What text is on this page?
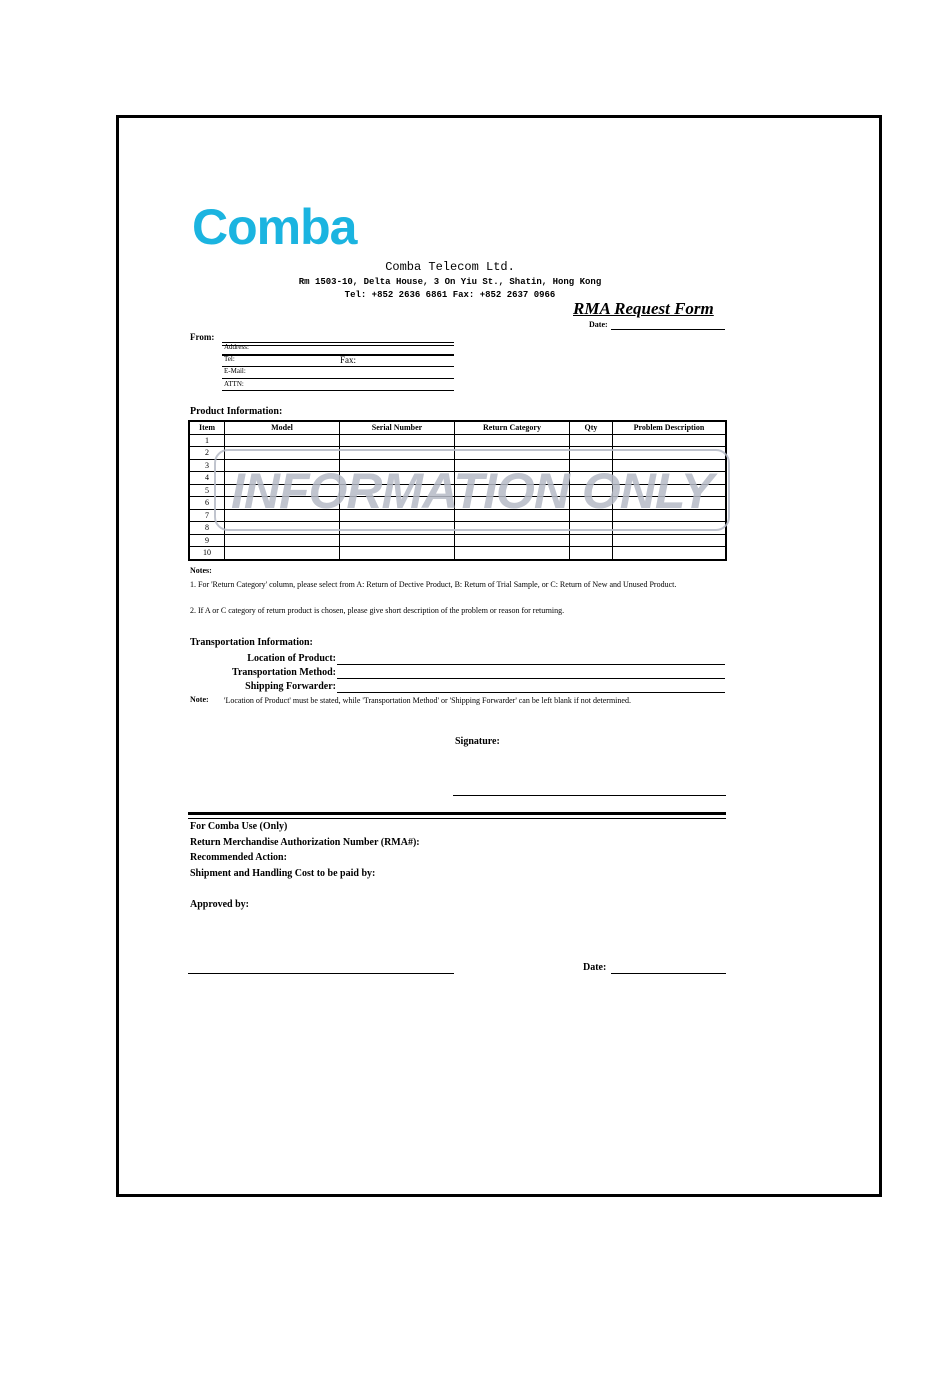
Comba
Comba Telecom Ltd.
Rm 1503-10, Delta House, 3 On Yiu St., Shatin, Hong Kong
Tel: +852 2636 6861 Fax: +852 2637 0966
RMA Request Form
Date:
From:
Address:
Tel:	Fax:
E-Mail:
ATTN:
Product Information:
Item	Model	Serial Number	Return Category	Qty	Problem Description
1					
2					
3					
4					
5					
6					
7					
8					
9					
10					
INFORMATION ONLY
Notes:
1. For 'Return Category' column, please select from A: Return of Dective Product, B: Return of Trial Sample, or C: Return of New and Unused Product.
2. If A or C category of return product is chosen, please give short description of the problem or reason for returning.
Transportation Information:
Location of Product:
Transportation Method:
Shipping Forwarder:
Note: 'Location of Product' must be stated, while 'Transportation Method' or 'Shipping Forwarder' can be left blank if not determined.
Signature:
For Comba Use (Only)
Return Merchandise Authorization Number (RMA#):
Recommended Action:
Shipment and Handling Cost to be paid by:
Approved by:
Date:
